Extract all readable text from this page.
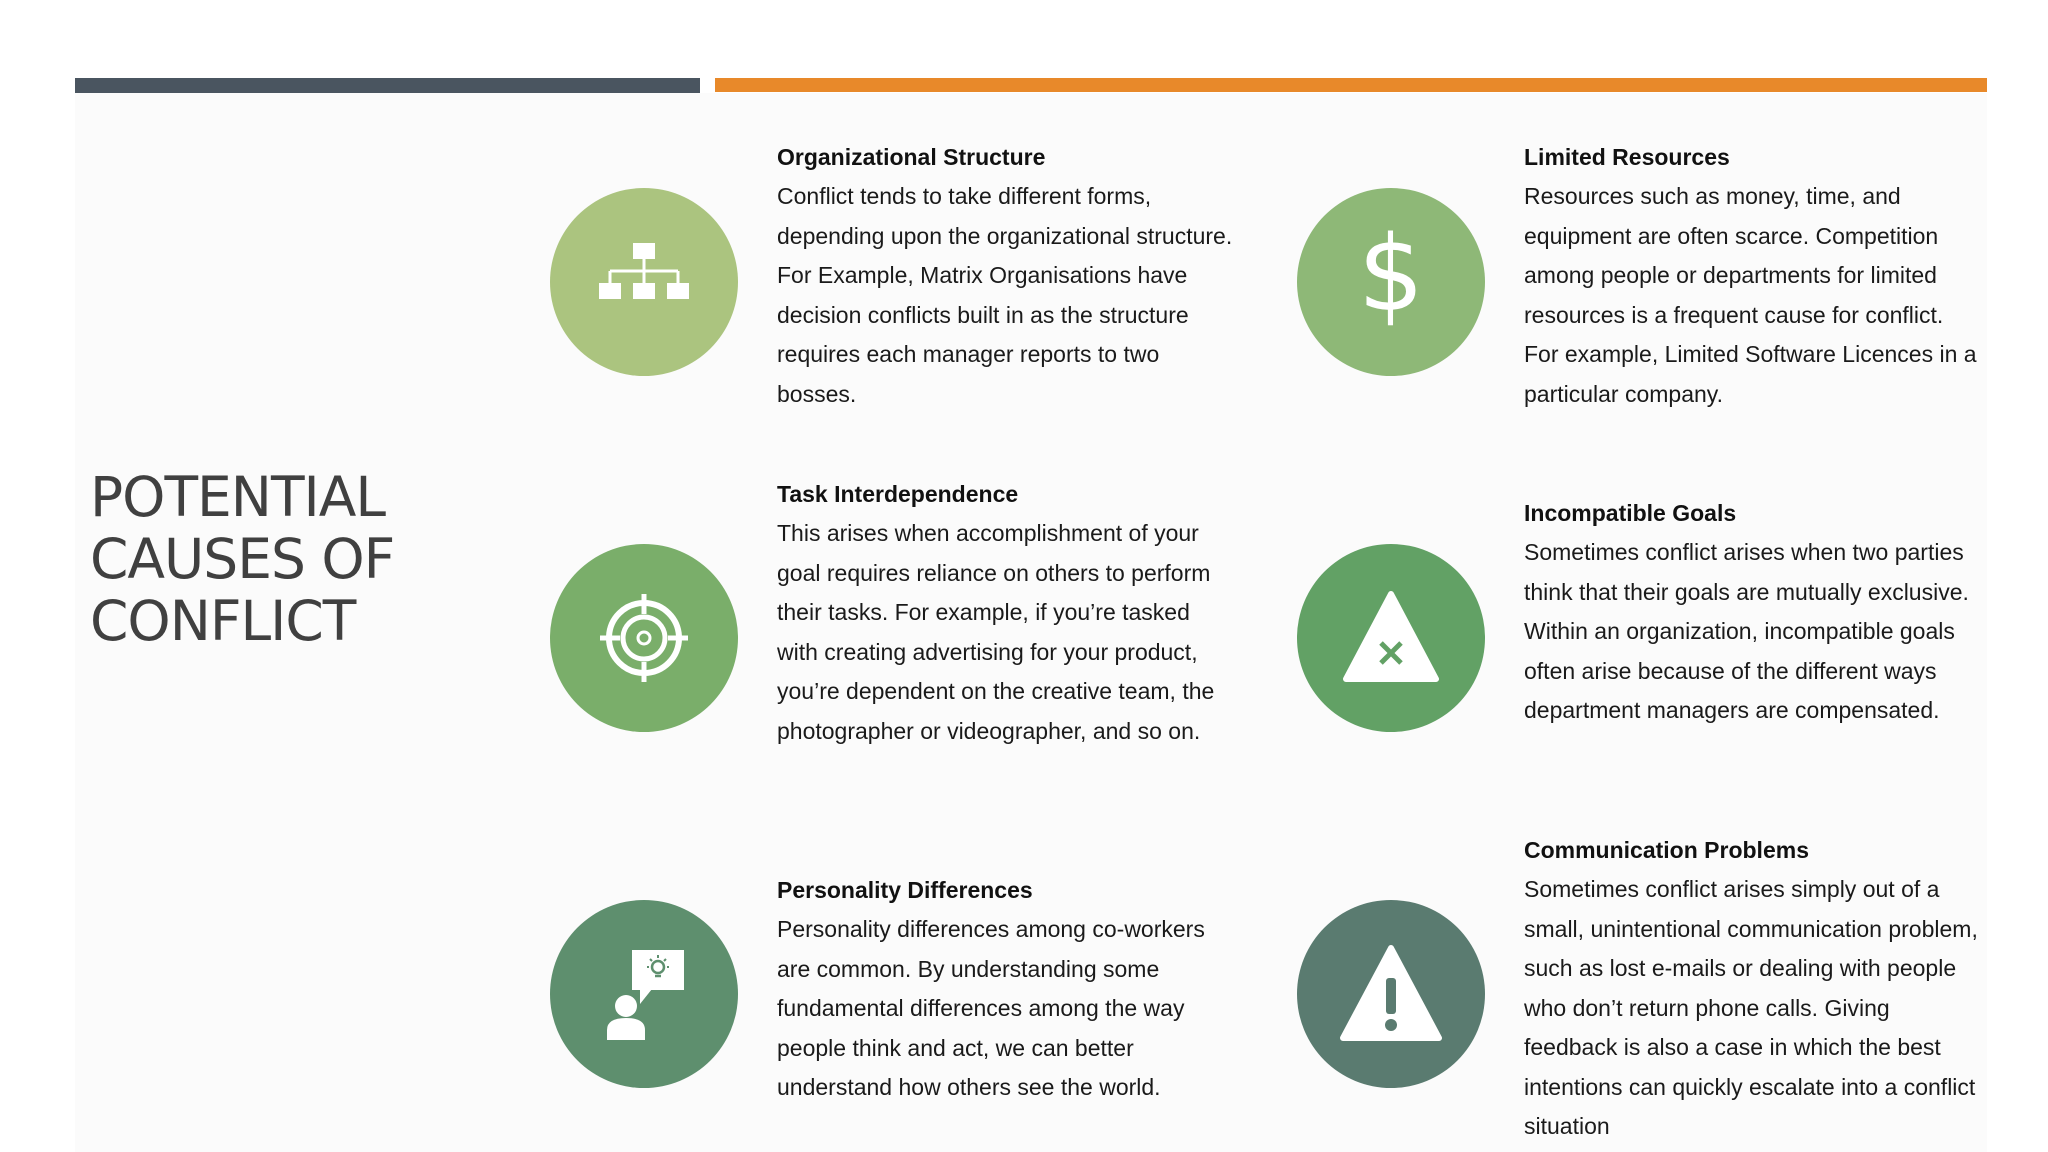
POTENTIAL
CAUSES OF
CONFLICT
Organizational Structure

Conflict tends to take different forms, depending upon the organizational structure. For Example, Matrix Organisations have decision conflicts built in as the structure requires each manager reports to two bosses.

$
Limited Resources

Resources such as money, time, and equipment are often scarce. Competition among people or departments for limited resources is a frequent cause for conflict. For example, Limited Software Licences in a particular company.

Task Interdependence

This arises when accomplishment of your goal requires reliance on others to perform their tasks. For example, if you’re tasked with creating advertising for your product, you’re dependent on the creative team, the photographer or videographer, and so on.

Incompatible Goals

Sometimes conflict arises when two parties think that their goals are mutually exclusive. Within an organization, incompatible goals often arise because of the different ways department managers are compensated.

Personality Differences

Personality differences among co-workers are common. By understanding some fundamental differences among the way people think and act, we can better understand how others see the world.

Communication Problems

Sometimes conflict arises simply out of a small, unintentional communication problem, such as lost e-mails or dealing with people who don’t return phone calls. Giving feedback is also a case in which the best intentions can quickly escalate into a conflict situation
